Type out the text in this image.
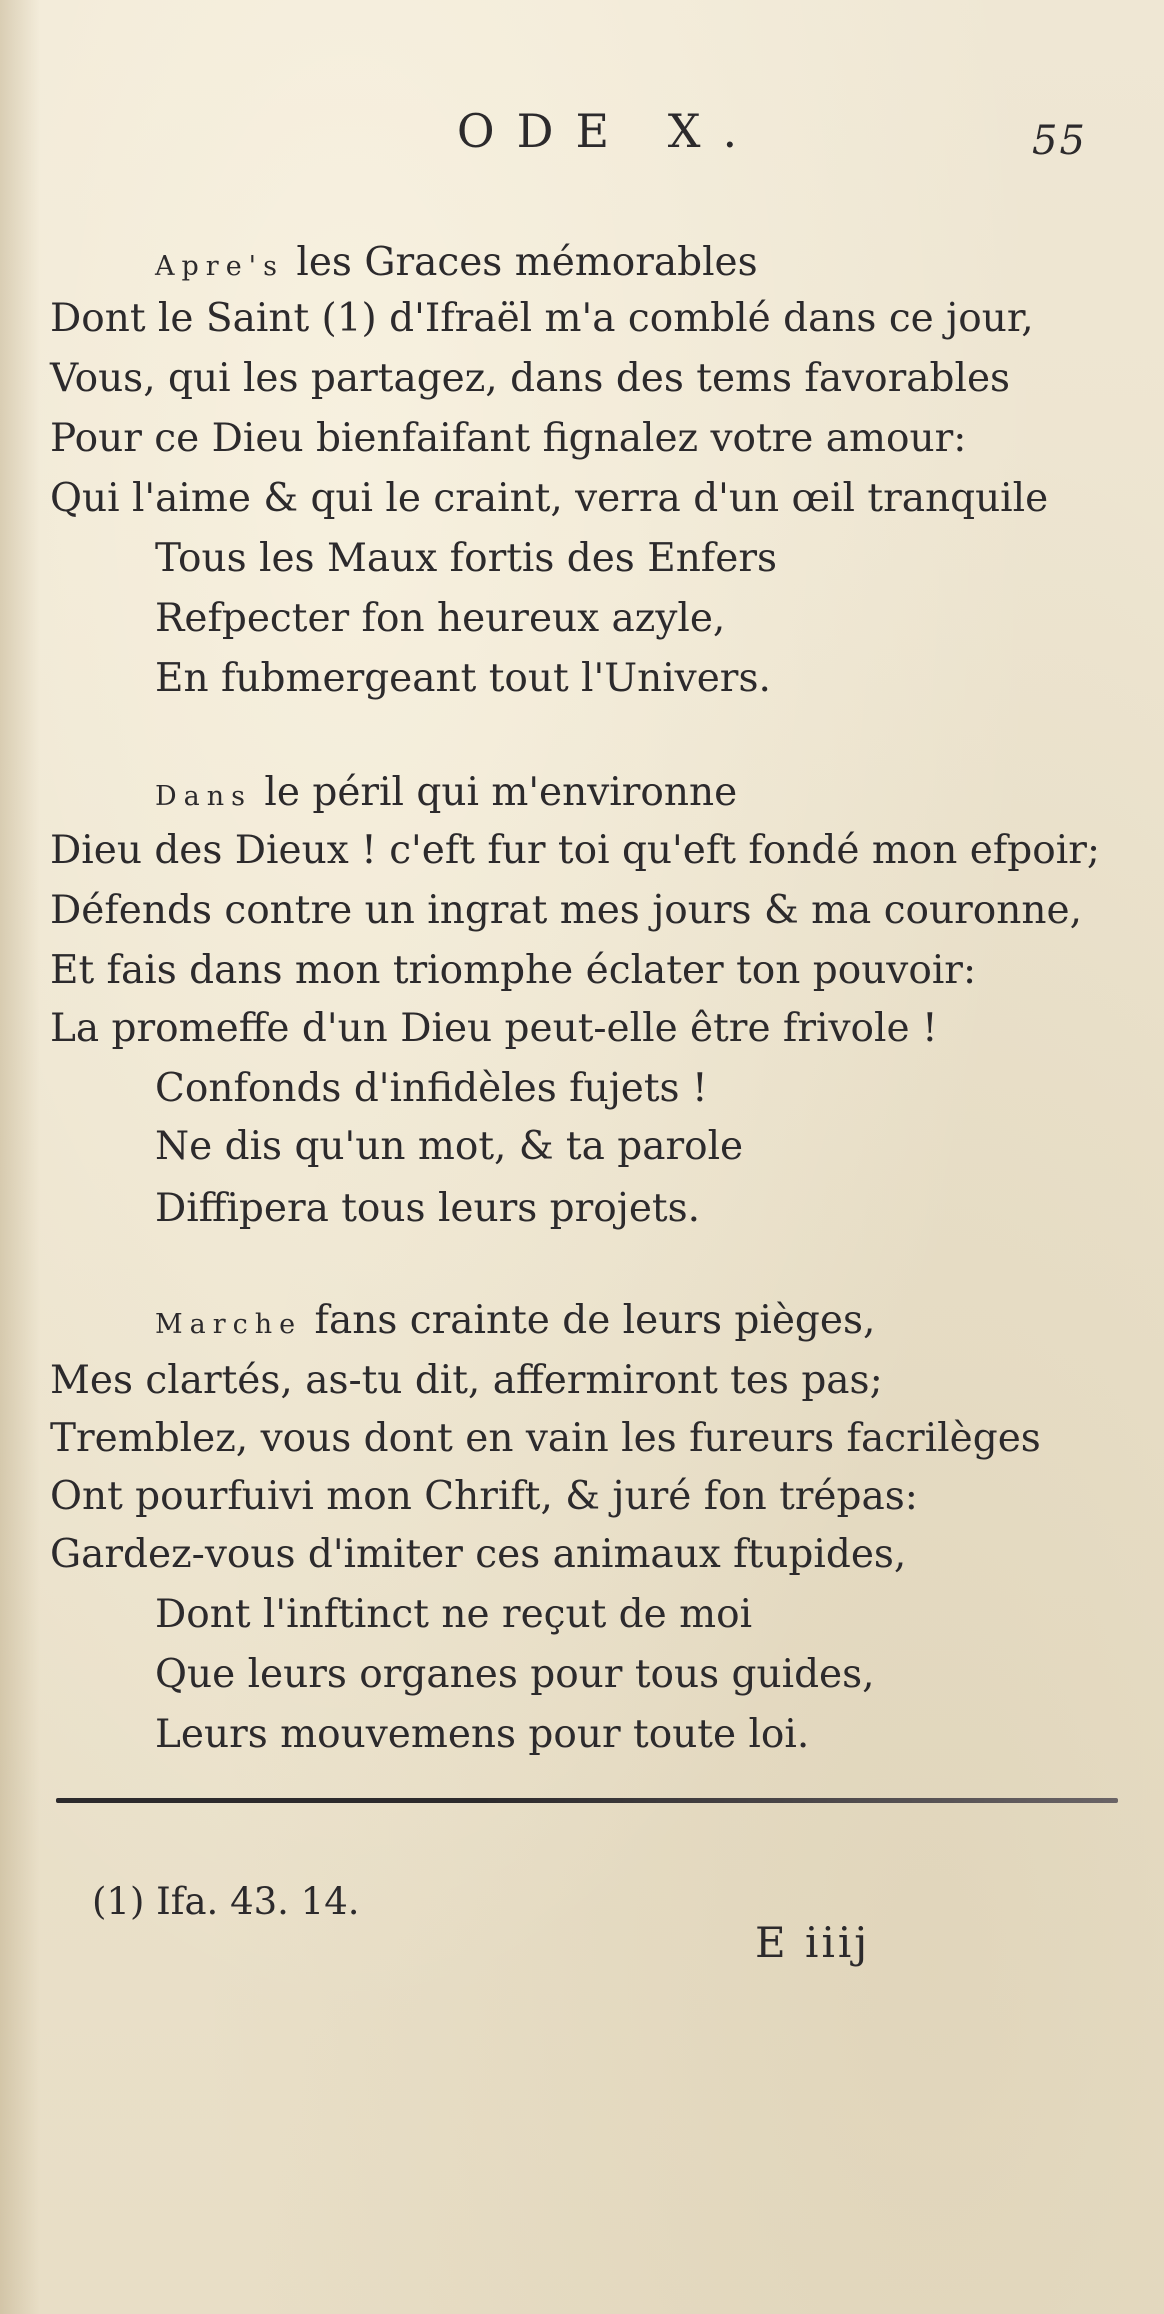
ODE X.	55
Apre's les Graces mémorables
Dont le Saint (1) d'Ifraël m'a comblé dans ce jour,
Vous, qui les partagez, dans des tems favorables
Pour ce Dieu bienfaifant fignalez votre amour:
Qui l'aime & qui le craint, verra d'un œil tranquile
Tous les Maux fortis des Enfers
Refpecter fon heureux azyle,
En fubmergeant tout l'Univers.
Dans le péril qui m'environne
Dieu des Dieux ! c'eft fur toi qu'eft fondé mon efpoir;
Défends contre un ingrat mes jours & ma couronne,
Et fais dans mon triomphe éclater ton pouvoir:
La promeffe d'un Dieu peut-elle être frivole !
Confonds d'infidèles fujets !
Ne dis qu'un mot, & ta parole
Diffipera tous leurs projets.
Marche fans crainte de leurs pièges,
Mes clartés, as-tu dit, affermiront tes pas;
Tremblez, vous dont en vain les fureurs facrilèges
Ont pourfuivi mon Chrift, & juré fon trépas:
Gardez-vous d'imiter ces animaux ftupides,
Dont l'inftinct ne reçut de moi
Que leurs organes pour tous guides,
Leurs mouvemens pour toute loi.
(1) Ifa. 43. 14.
E iiij
